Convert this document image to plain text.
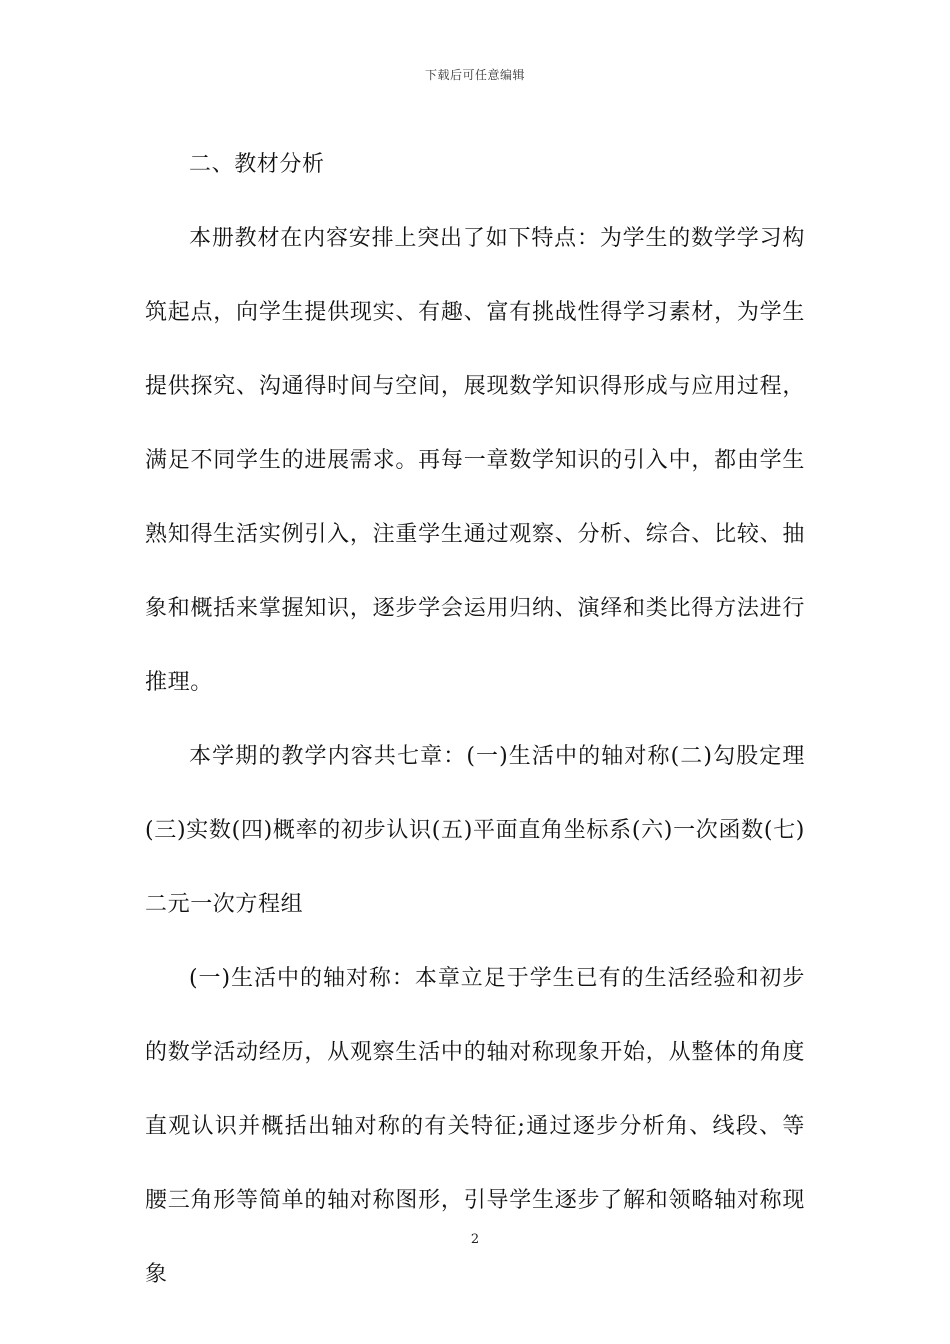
下载后可任意编辑

二、教材分析

本册教材在内容安排上突出了如下特点：为学生的数学学习构筑起点，向学生提供现实、有趣、富有挑战性得学习素材，为学生提供探究、沟通得时间与空间，展现数学知识得形成与应用过程，满足不同学生的进展需求。再每一章数学知识的引入中，都由学生熟知得生活实例引入，注重学生通过观察、分析、综合、比较、抽象和概括来掌握知识，逐步学会运用归纳、演绎和类比得方法进行推理。

本学期的教学内容共七章：(一)生活中的轴对称(二)勾股定理(三)实数(四)概率的初步认识(五)平面直角坐标系(六)一次函数(七)二元一次方程组

(一)生活中的轴对称：本章立足于学生已有的生活经验和初步的数学活动经历，从观察生活中的轴对称现象开始，从整体的角度直观认识并概括出轴对称的有关特征;通过逐步分析角、线段、等腰三角形等简单的轴对称图形，引导学生逐步了解和领略轴对称现象

2
